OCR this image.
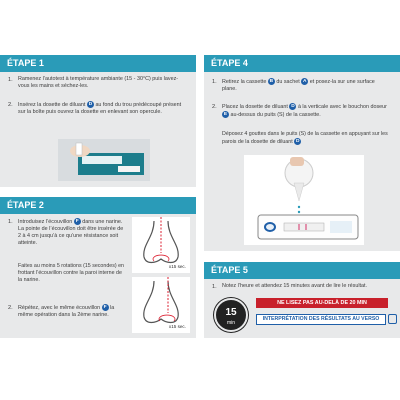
ÉTAPE 1
1. Ramenez l’autotest à température ambiante (15 - 30°C) puis lavez-vous les mains et séchez-les.
2. Insérez la dosette de diluant D au fond du trou prédécoupé présent sur la boîte puis ouvrez la dosette en enlevant son opercule.
ÉTAPE 2
1. Introduisez l’écouvillon F dans une narine. La pointe de l’écouvillon doit être insérée de 2 à 4 cm jusqu’à ce qu’une résistance soit atteinte.
Faites au moins 5 rotations (15 secondes) en frottant l’écouvillon contre la paroi interne de la narine.
2. Répétez, avec le même écouvillon F la même opération dans la 2ème narine.
x15 sec.
x15 sec.
ÉTAPE 4
1. Retirez la cassette B du sachet A et posez-la sur une surface plane.
2. Placez la dosette de diluant D à la verticale avec le bouchon doseur E au-dessus du puits (S) de la cassette.
Déposez 4 gouttes dans le puits (S) de la cassette en appuyant sur les parois de la dosette de diluant D
ÉTAPE 5
1. Notez l’heure et attendez 15 minutes avant de lire le résultat.
15
min
NE LISEZ PAS AU-DELÀ DE 20 MIN
INTERPRÉTATION DES RÉSULTATS AU VERSO
